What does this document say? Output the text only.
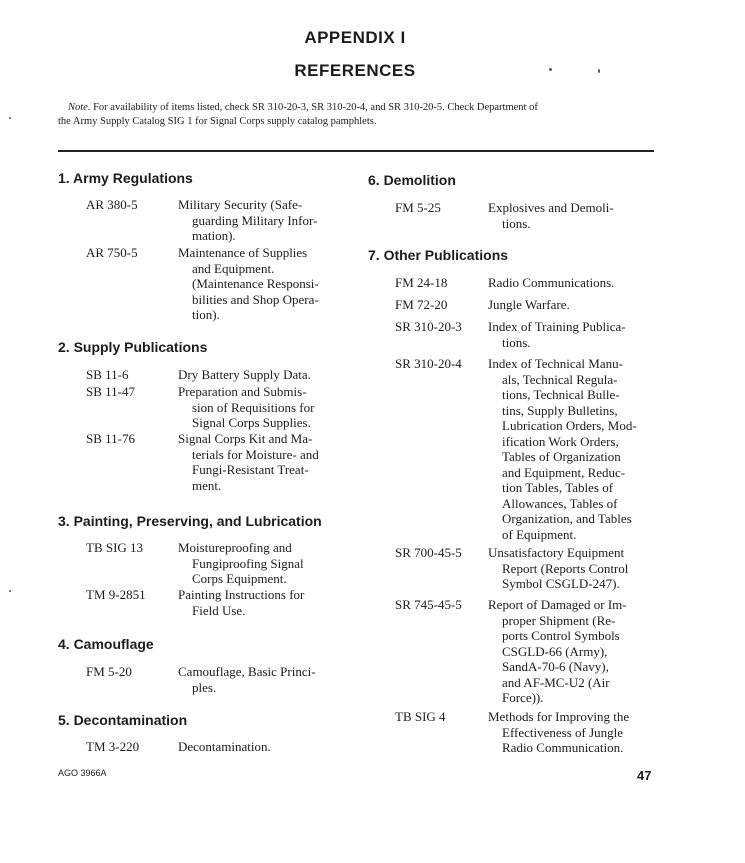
APPENDIX I
REFERENCES
Note. For availability of items listed, check SR 310-20-3, SR 310-20-4, and SR 310-20-5. Check Department of
the Army Supply Catalog SIG 1 for Signal Corps supply catalog pamphlets.
1. Army Regulations
AR 380-5	Military Security (Safe-
guarding Military Infor-
mation).
AR 750-5	Maintenance of Supplies
and Equipment.
(Maintenance Responsi-
bilities and Shop Opera-
tion).
2. Supply Publications
SB 11-6	Dry Battery Supply Data.
SB 11-47	Preparation and Submis-
sion of Requisitions for
Signal Corps Supplies.
SB 11-76	Signal Corps Kit and Ma-
terials for Moisture- and
Fungi-Resistant Treat-
ment.
3. Painting, Preserving, and Lubrication
TB SIG 13	Moistureproofing and
Fungiproofing Signal
Corps Equipment.
TM 9-2851 Painting Instructions for
Field Use.
4. Camouflage
FM 5-20	Camouflage, Basic Princi-
ples.
5. Decontamination
TM 3-220	Decontamination.
6. Demolition
FM 5-25	Explosives and Demoli-
tions.
7. Other Publications
FM 24-18	Radio Communications.
FM 72-20	Jungle Warfare.
SR 310-20-3 Index of Training Publica-
tions.
SR 310-20-4 Index of Technical Manu-
als, Technical Regula-
tions, Technical Bulle-
tins, Supply Bulletins,
Lubrication Orders, Mod-
ification Work Orders,
Tables of Organization
and Equipment, Reduc-
tion Tables, Tables of
Allowances, Tables of
Organization, and Tables
of Equipment.
SR 700-45-5 Unsatisfactory Equipment
Report (Reports Control
Symbol CSGLD-247).
SR 745-45-5 Report of Damaged or Im-
proper Shipment (Re-
ports Control Symbols
CSGLD-66 (Army),
SandA-70-6 (Navy),
and AF-MC-U2 (Air
Force)).
TB SIG 4	Methods for Improving the
Effectiveness of Jungle
Radio Communication.
AGO 3966A	47
